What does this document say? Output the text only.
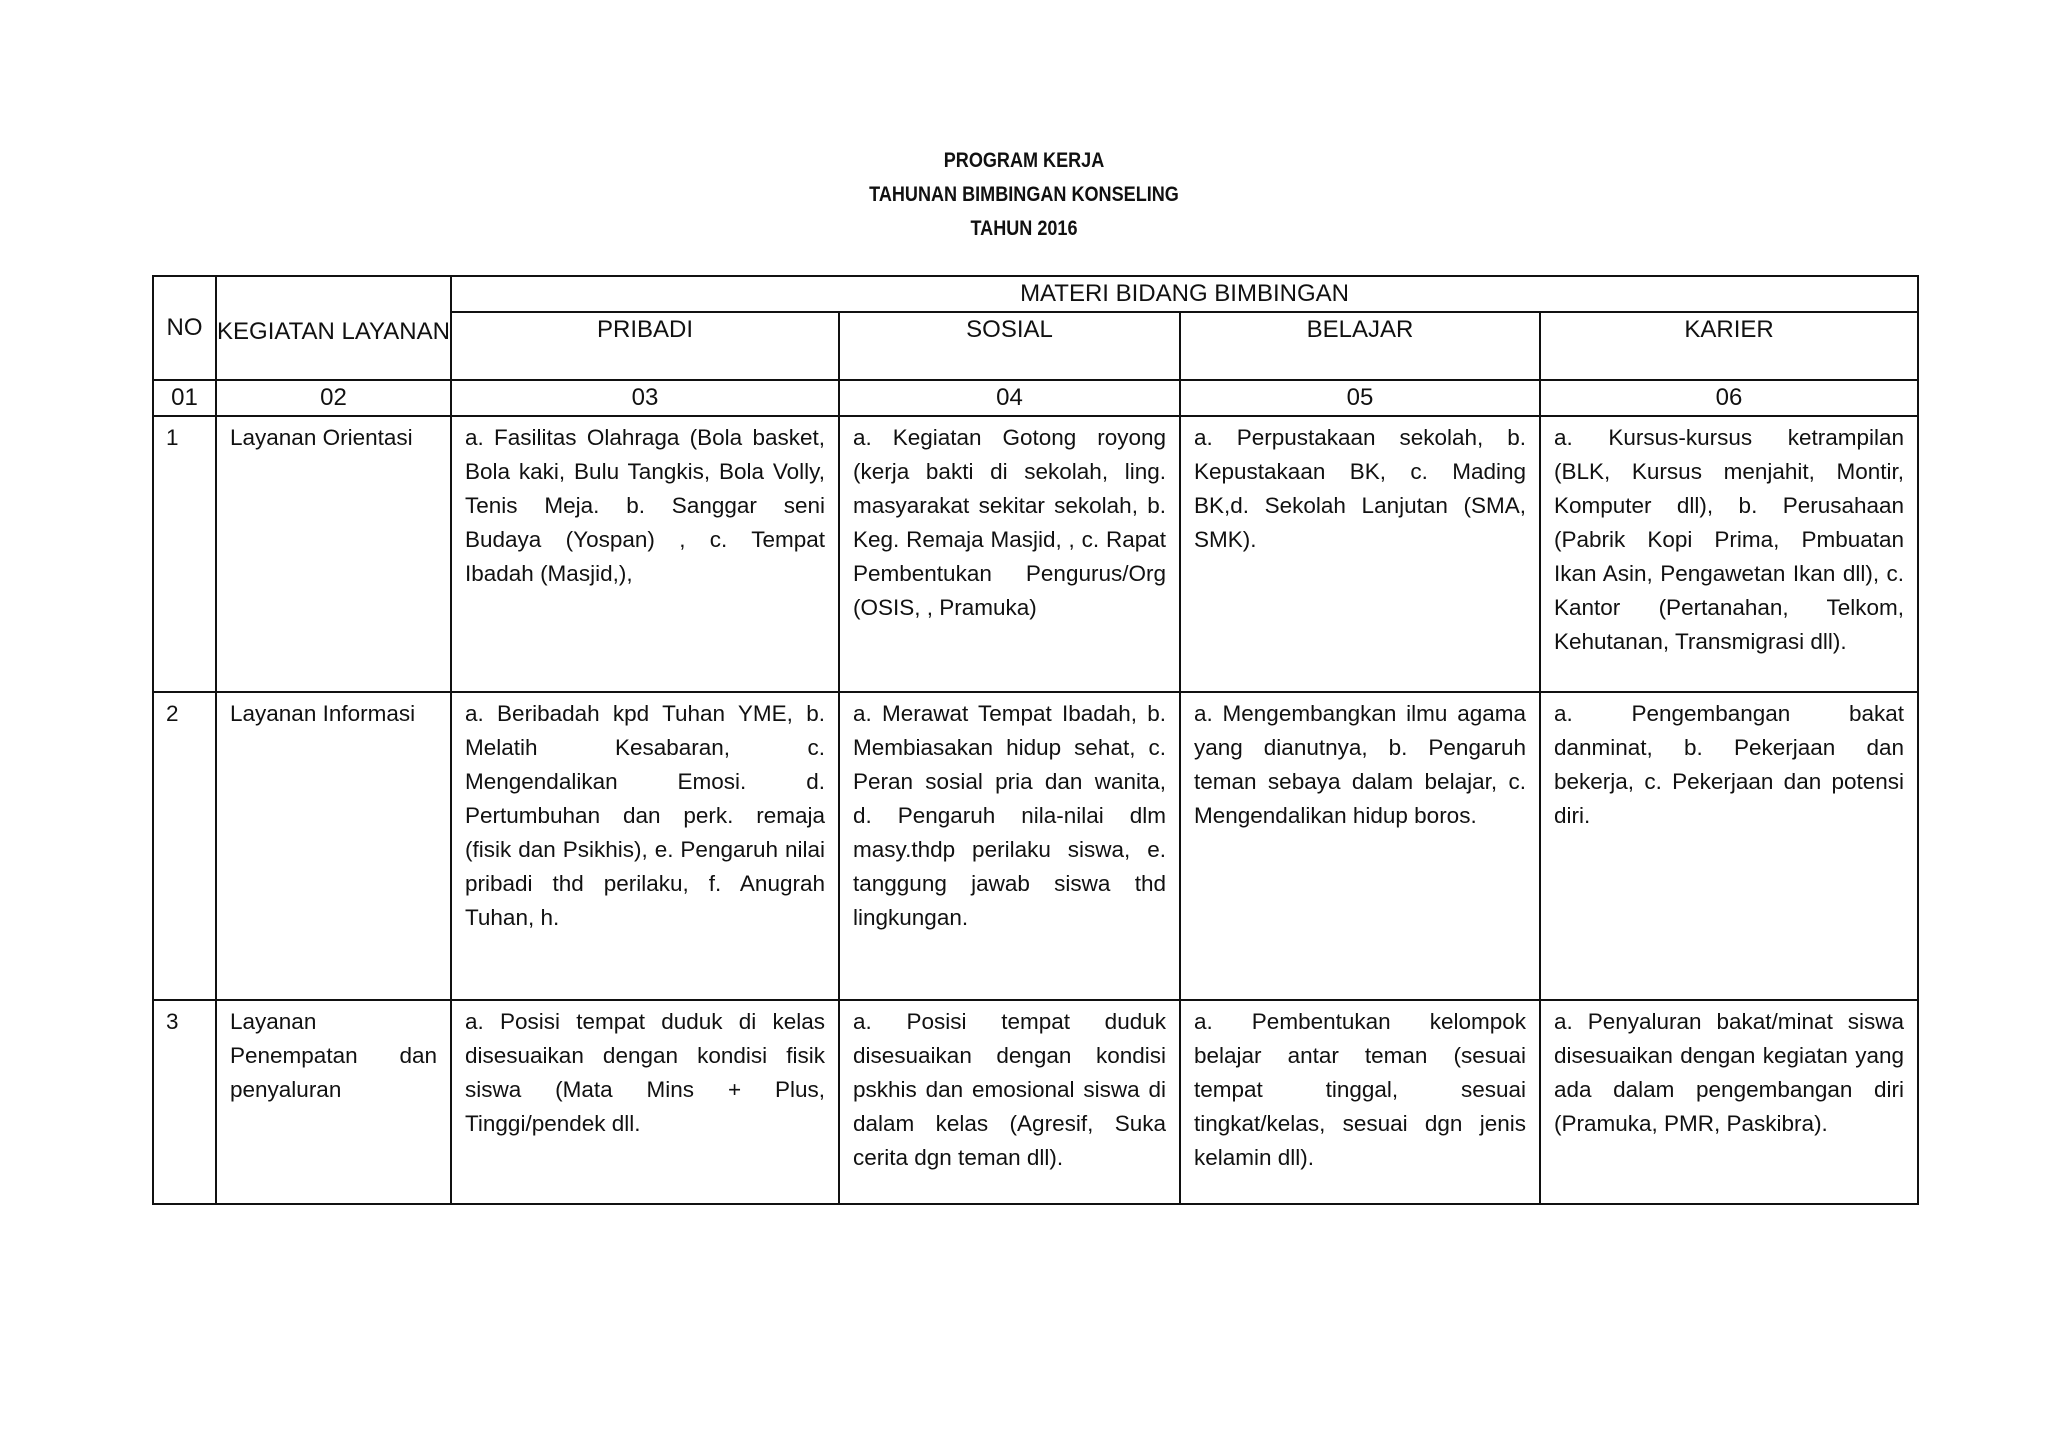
PROGRAM KERJA
TAHUNAN BIMBINGAN KONSELING
TAHUN 2016
NO	KEGIATAN LAYANAN	MATERI BIDANG BIMBINGAN			
		PRIBADI	SOSIAL	BELAJAR	KARIER
01	02	03	04	05	06
1	Layanan Orientasi	a. Fasilitas Olahraga (Bola basket, Bola kaki, Bulu Tangkis, Bola Volly, Tenis Meja. b. Sanggar seni Budaya (Yospan) , c. Tempat Ibadah (Masjid,),	a. Kegiatan Gotong royong (kerja bakti di sekolah, ling. masyarakat sekitar sekolah, b. Keg. Remaja Masjid, , c. Rapat Pembentukan Pengurus/Org (OSIS, , Pramuka)	a. Perpustakaan sekolah, b. Kepustakaan BK, c. Mading BK,d. Sekolah Lanjutan (SMA, SMK).	a. Kursus-kursus ketrampilan (BLK, Kursus menjahit, Montir, Komputer dll), b. Perusahaan (Pabrik Kopi Prima, Pmbuatan Ikan Asin, Pengawetan Ikan dll), c. Kantor (Pertanahan, Telkom, Kehutanan, Transmigrasi dll).
2	Layanan Informasi	a. Beribadah kpd Tuhan YME, b. Melatih Kesabaran, c. Mengendalikan Emosi. d. Pertumbuhan dan perk. remaja (fisik dan Psikhis), e. Pengaruh nilai pribadi thd perilaku, f. Anugrah Tuhan, h.	a. Merawat Tempat Ibadah, b. Membiasakan hidup sehat, c. Peran sosial pria dan wanita, d. Pengaruh nila-nilai dlm masy.thdp perilaku siswa, e. tanggung jawab siswa thd lingkungan.	a. Mengembangkan ilmu agama yang dianutnya, b. Pengaruh teman sebaya dalam belajar, c. Mengendalikan hidup boros.	a. Pengembangan bakat danminat, b. Pekerjaan dan bekerja, c. Pekerjaan dan potensi diri.
3	Layanan Penempatan dan penyaluran	a. Posisi tempat duduk di kelas disesuaikan dengan kondisi fisik siswa (Mata Mins + Plus, Tinggi/pendek dll.	a. Posisi tempat duduk disesuaikan dengan kondisi pskhis dan emosional siswa di dalam kelas (Agresif, Suka cerita dgn teman dll).	a. Pembentukan kelompok belajar antar teman (sesuai tempat tinggal, sesuai tingkat/kelas, sesuai dgn jenis kelamin dll).	a. Penyaluran bakat/minat siswa disesuaikan dengan kegiatan yang ada dalam pengembangan diri (Pramuka, PMR, Paskibra).
